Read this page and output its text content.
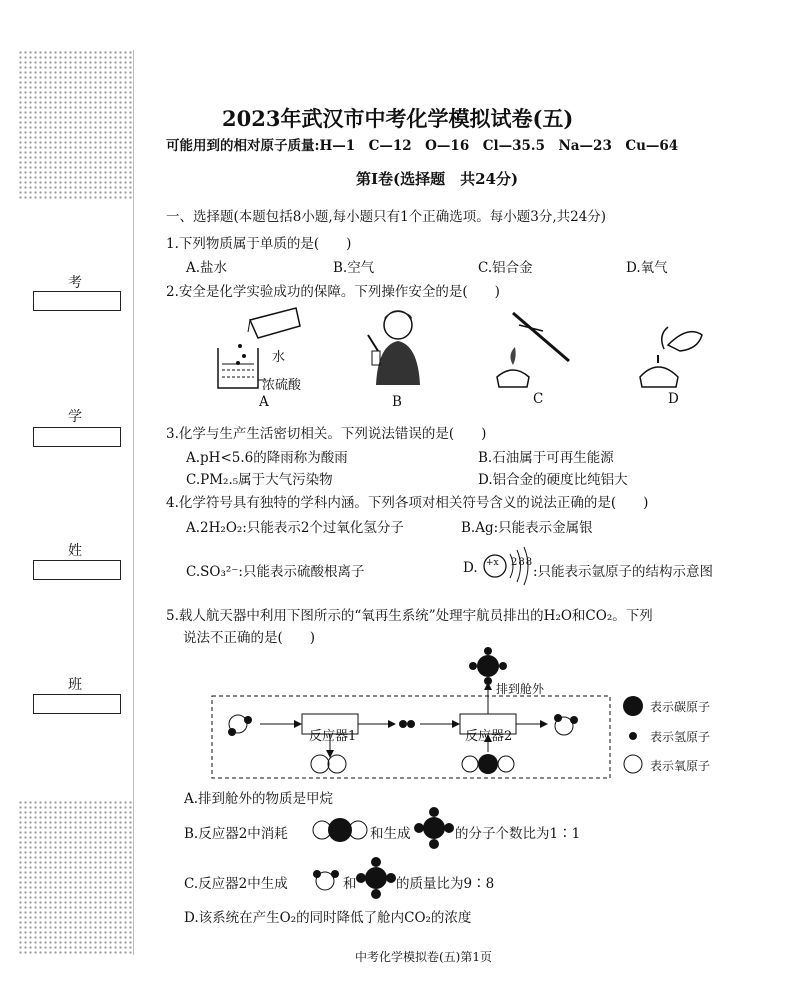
考
学
姓
班
2023年武汉市中考化学模拟试卷(五)
可能用到的相对原子质量:H—1　C—12　O—16　Cl—35.5　Na—23　Cu—64
第Ⅰ卷(选择题　共24分)
一、选择题(本题包括8小题,每小题只有1个正确选项。每小题3分,共24分)
1.下列物质属于单质的是(　　)
A.盐水	B.空气	C.铝合金	D.氧气
2.安全是化学实验成功的保障。下列操作安全的是(　　)
水
浓硫酸
A	B	C	D
3.化学与生产生活密切相关。下列说法错误的是(　　)
A.pH<5.6的降雨称为酸雨	B.石油属于可再生能源
C.PM₂.₅属于大气污染物	D.铝合金的硬度比纯铝大
4.化学符号具有独特的学科内涵。下列各项对相关符号含义的说法正确的是(　　)
A.2H₂O₂:只能表示2个过氧化氢分子	B.Ag:只能表示金属银
C.SO₃²⁻:只能表示硫酸根离子	D. +x 288
:只能表示氩原子的结构示意图
5.载人航天器中利用下图所示的“氧再生系统”处理宇航员排出的H₂O和CO₂。下列
说法不正确的是(　　)
反应器1	反应器2
排到舱外
表示碳原子
表示氢原子
表示氧原子
A.排到舱外的物质是甲烷
B.反应器2中消耗	和生成	的分子个数比为1∶1
C.反应器2中生成	和	的质量比为9∶8
D.该系统在产生O₂的同时降低了舱内CO₂的浓度
中考化学模拟卷(五)第1页
